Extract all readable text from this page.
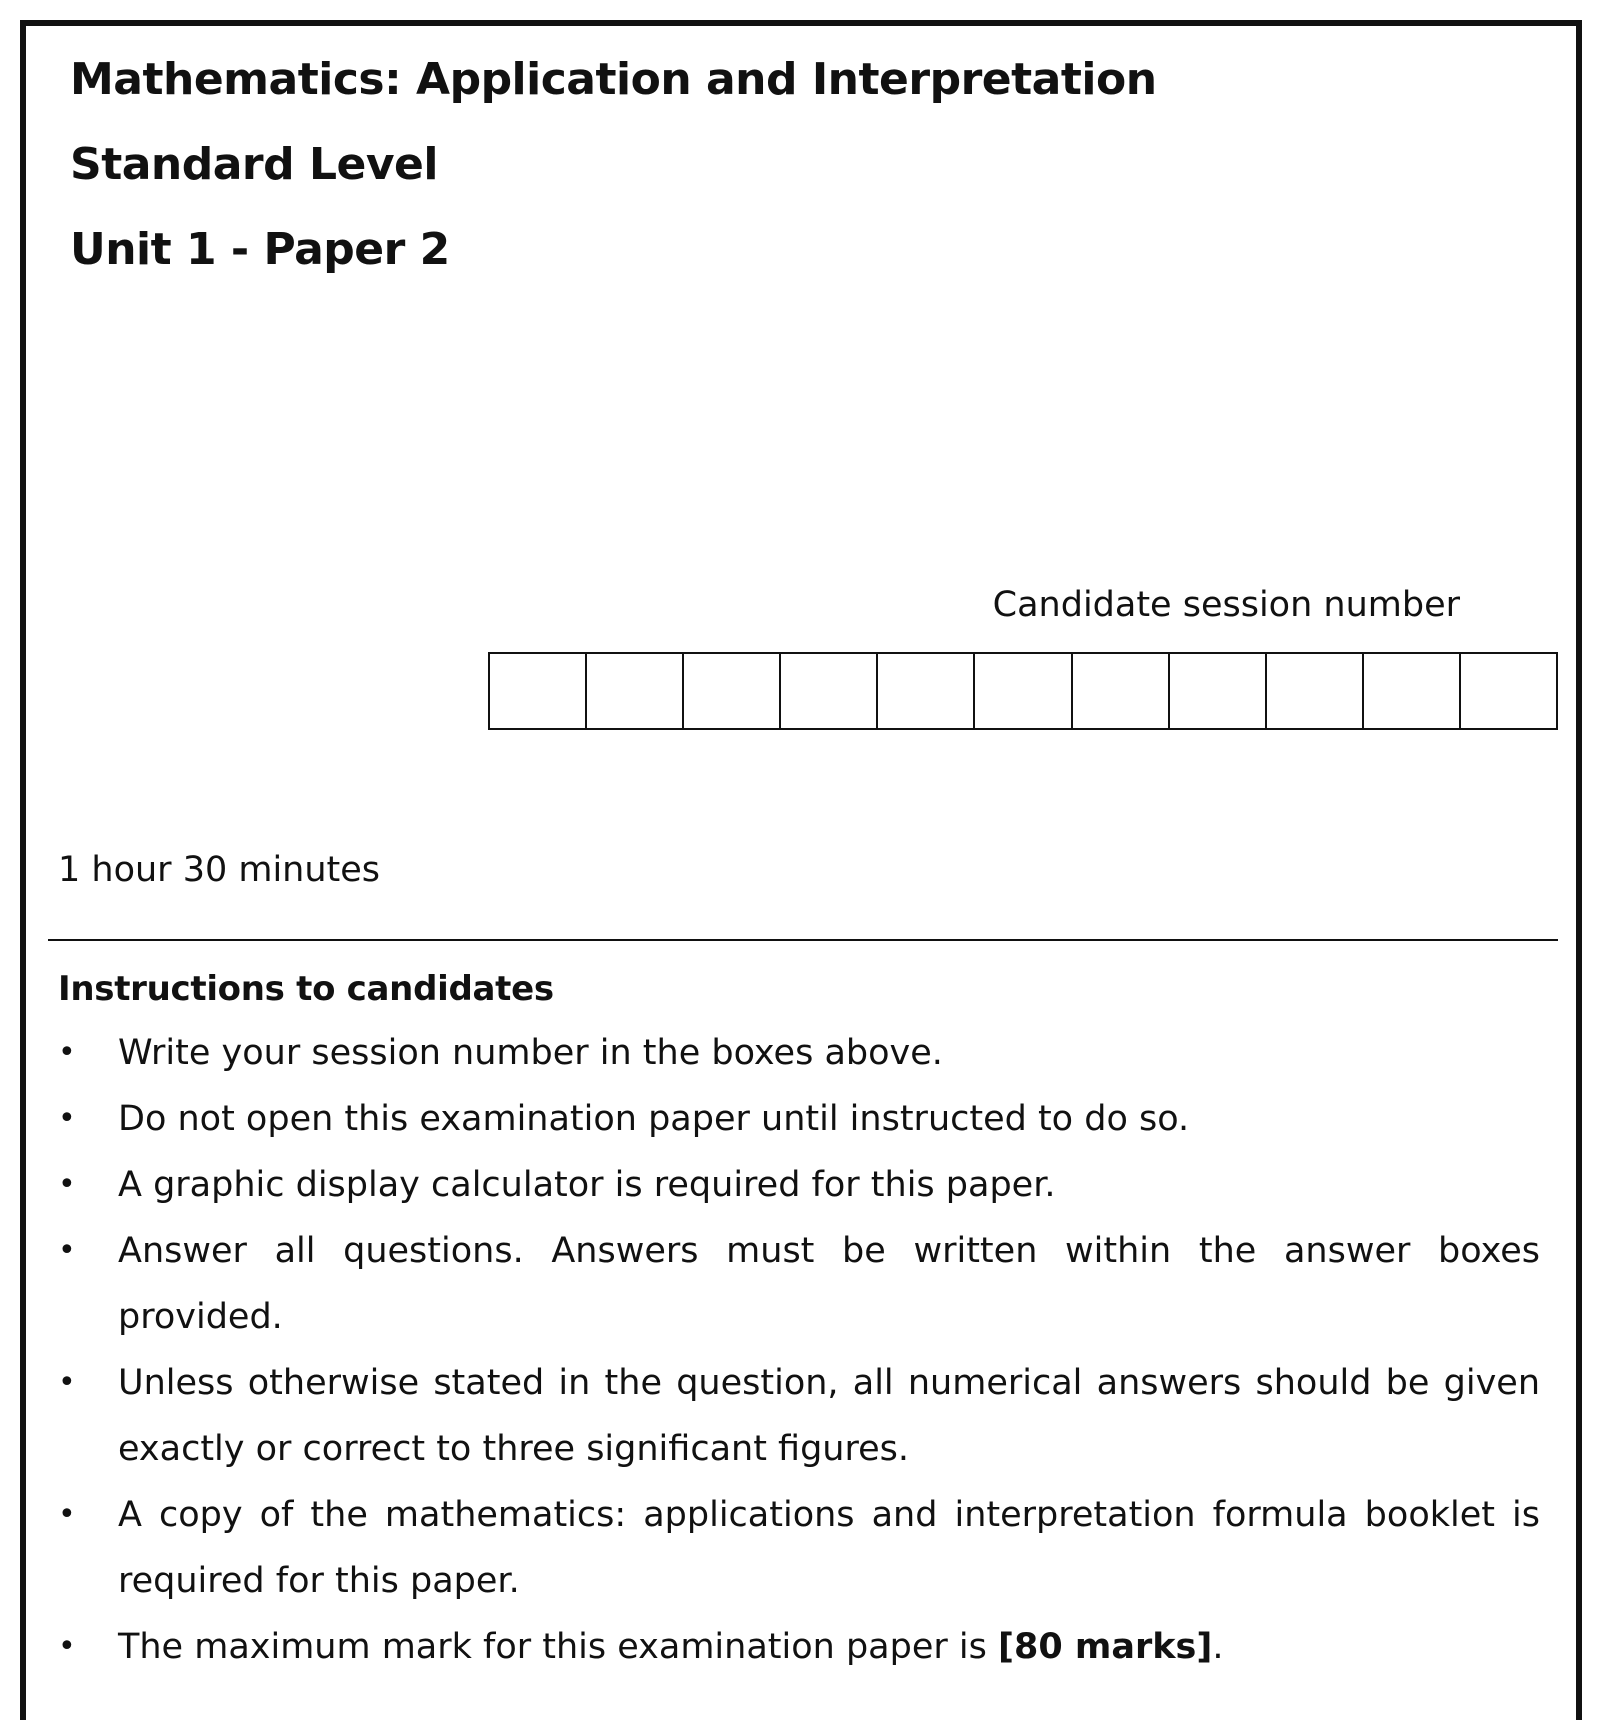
Mathematics: Application and Interpretation
Standard Level
Unit 1 - Paper 2
Candidate session number
1 hour 30 minutes
Instructions to candidates
• Write your session number in the boxes above.
• Do not open this examination paper until instructed to do so.
• A graphic display calculator is required for this paper.
• Answer all questions. Answers must be written within the answer boxes provided.
• Unless otherwise stated in the question, all numerical answers should be given exactly or correct to three significant figures.
• A copy of the mathematics: applications and interpretation formula booklet is required for this paper.
• The maximum mark for this examination paper is [80 marks].
